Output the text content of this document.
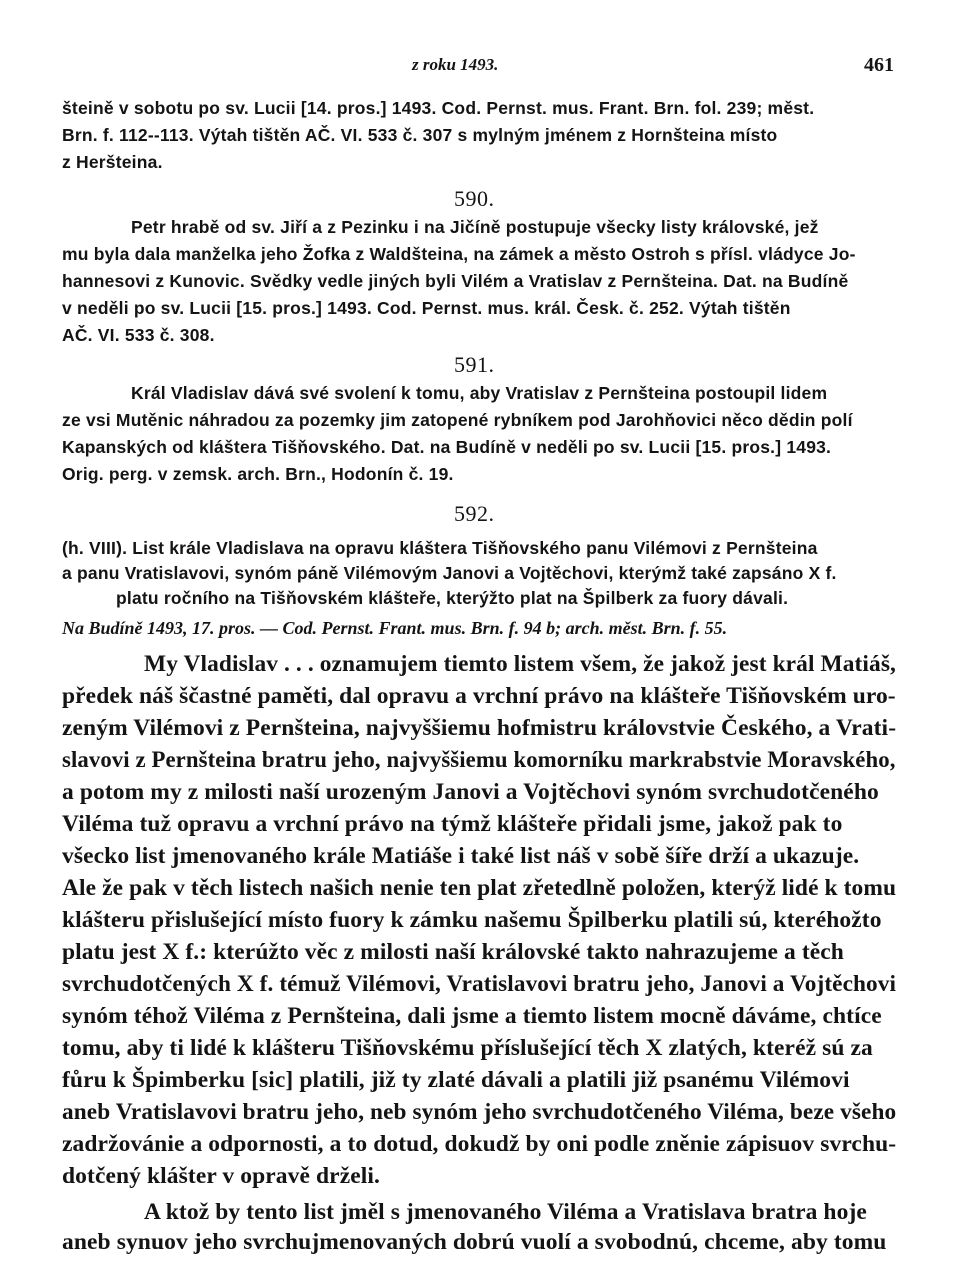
z roku 1493.	461
šteině v sobotu po sv. Lucii [14. pros.] 1493. Cod. Pernst. mus. Frant. Brn. fol. 239; měst.
Brn. f. 112--113. Výtah tištěn AČ. VI. 533 č. 307 s mylným jménem z Hornšteina místo
z Heršteina.
590.
Petr hrabě od sv. Jiří a z Pezinku i na Jičíně postupuje všecky listy královské, jež
mu byla dala manželka jeho Žofka z Waldšteina, na zámek a město Ostroh s přísl. vládyce Jo-
hannesovi z Kunovic. Svědky vedle jiných byli Vilém a Vratislav z Pernšteina. Dat. na Budíně
v neděli po sv. Lucii [15. pros.] 1493. Cod. Pernst. mus. král. Česk. č. 252. Výtah tištěn
AČ. VI. 533 č. 308.
591.
Král Vladislav dává své svolení k tomu, aby Vratislav z Pernšteina postoupil lidem
ze vsi Mutěnic náhradou za pozemky jim zatopené rybníkem pod Jarohňovici něco dědin polí
Kapanských od kláštera Tišňovského. Dat. na Budíně v neděli po sv. Lucii [15. pros.] 1493.
Orig. perg. v zemsk. arch. Brn., Hodonín č. 19.
592.
(h. VIII). List krále Vladislava na opravu kláštera Tišňovského panu Vilémovi z Pernšteina
a panu Vratislavovi, synóm páně Vilémovým Janovi a Vojtěchovi, kterýmž také zapsáno X f.
platu ročního na Tišňovském klášteře, kterýžto plat na Špilberk za fuory dávali.
Na Budíně 1493, 17. pros. — Cod. Pernst. Frant. mus. Brn. f. 94 b; arch. měst. Brn. f. 55.
My Vladislav . . . oznamujem tiemto listem všem, že jakož jest král Matiáš,
předek náš ščastné paměti, dal opravu a vrchní právo na klášteře Tišňovském uro-
zeným Vilémovi z Pernšteina, najvyššiemu hofmistru královstvie Českého, a Vrati-
slavovi z Pernšteina bratru jeho, najvyššiemu komorníku markrabstvie Moravského,
a potom my z milosti naší urozeným Janovi a Vojtěchovi synóm svrchudotčeného
Viléma tuž opravu a vrchní právo na týmž klášteře přidali jsme, jakož pak to
všecko list jmenovaného krále Matiáše i také list náš v sobě šíře drží a ukazuje.
Ale že pak v těch listech našich nenie ten plat zřetedlně položen, kterýž lidé k tomu
klášteru přislušející místo fuory k zámku našemu Špilberku platili sú, kteréhožto
platu jest X f.: kterúžto věc z milosti naší královské takto nahrazujeme a těch
svrchudotčených X f. témuž Vilémovi, Vratislavovi bratru jeho, Janovi a Vojtěchovi
synóm téhož Viléma z Pernšteina, dali jsme a tiemto listem mocně dáváme, chtíce
tomu, aby ti lidé k klášteru Tišňovskému příslušející těch X zlatých, kteréž sú za
fůru k Špimberku [sic] platili, již ty zlaté dávali a platili již psanému Vilémovi
aneb Vratislavovi bratru jeho, neb synóm jeho svrchudotčeného Viléma, beze všeho
zadržovánie a odpornosti, a to dotud, dokudž by oni podle zněnie zápisuov svrchu-
dotčený klášter v opravě drželi.
A ktož by tento list jměl s jmenovaného Viléma a Vratislava bratra hoje
aneb synuov jeho svrchujmenovaných dobrú vuolí a svobodnú, chceme, aby tomu
